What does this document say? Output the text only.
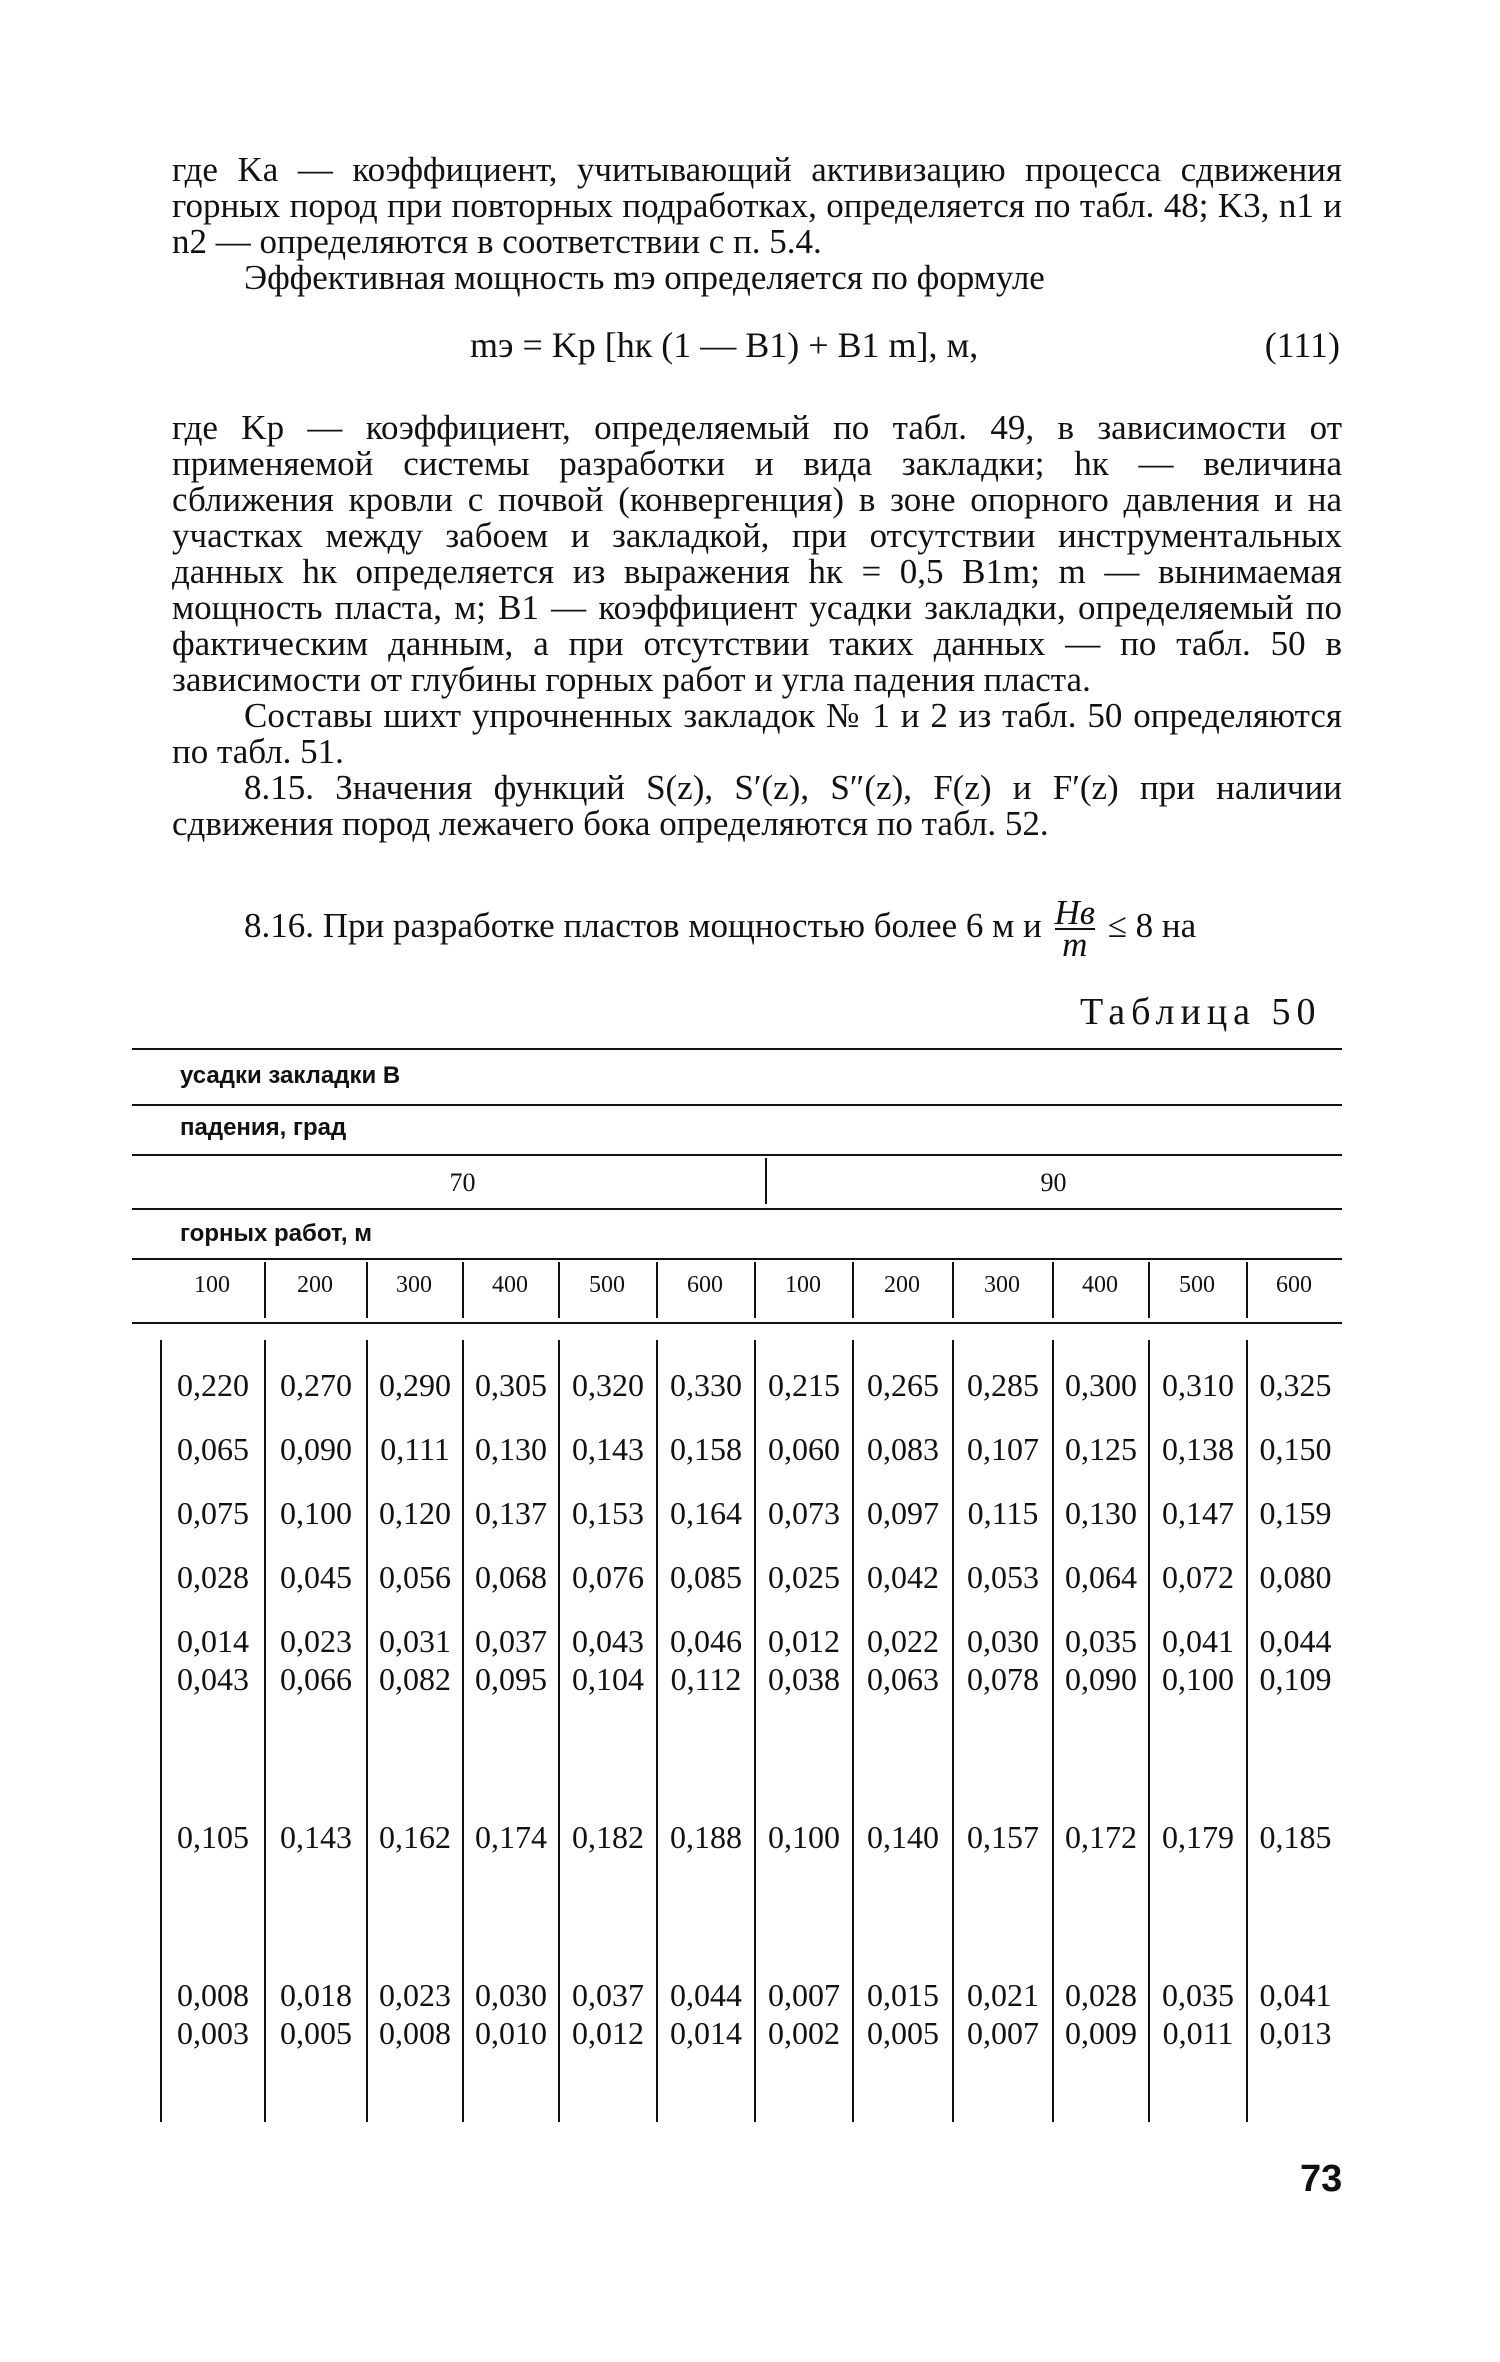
где Kа — коэффициент, учитывающий активизацию процесса сдвижения горных пород при повторных подработках, определяется по табл. 48; K3, n1 и n2 — определяются в соответствии с п. 5.4.

Эффективная мощность mэ определяется по формуле

mэ = Kр [hк (1 — B1) + B1 m], м,	(111)

где Kр — коэффициент, определяемый по табл. 49, в зависимости от применяемой системы разработки и вида закладки; hк — величина сближения кровли с почвой (конвергенция) в зоне опорного давления и на участках между забоем и закладкой, при отсутствии инструментальных данных hк определяется из выражения hк = 0,5 B1m; m — вынимаемая мощность пласта, м; B1 — коэффициент усадки закладки, определяемый по фактическим данным, а при отсутствии таких данных — по табл. 50 в зависимости от глубины горных работ и угла падения пласта.

Составы шихт упрочненных закладок № 1 и 2 из табл. 50 определяются по табл. 51.

8.15. Значения функций S(z), S′(z), S″(z), F(z) и F′(z) при наличии сдвижения пород лежачего бока определяются по табл. 52.

8.16. При разработке пластов мощностью более 6 м и Hв
m ≤ 8 на
Таблица 50
усадки закладки B
падения, град
70	90
горных работ, м
100	200	300	400	500	600	100	200	300	400	500	600

0,220	0,270	0,290	0,305	0,320	0,330	0,215	0,265	0,285	0,300	0,310	0,325

0,065	0,090	0,111	0,130	0,143	0,158	0,060	0,083	0,107	0,125	0,138	0,150

0,075	0,100	0,120	0,137	0,153	0,164	0,073	0,097	0,115	0,130	0,147	0,159

0,028	0,045	0,056	0,068	0,076	0,085	0,025	0,042	0,053	0,064	0,072	0,080

0,014	0,023	0,031	0,037	0,043	0,046	0,012	0,022	0,030	0,035	0,041	0,044
0,043	0,066	0,082	0,095	0,104	0,112	0,038	0,063	0,078	0,090	0,100	0,109

0,105	0,143	0,162	0,174	0,182	0,188	0,100	0,140	0,157	0,172	0,179	0,185

0,008	0,018	0,023	0,030	0,037	0,044	0,007	0,015	0,021	0,028	0,035	0,041
0,003	0,005	0,008	0,010	0,012	0,014	0,002	0,005	0,007	0,009	0,011	0,013

73
